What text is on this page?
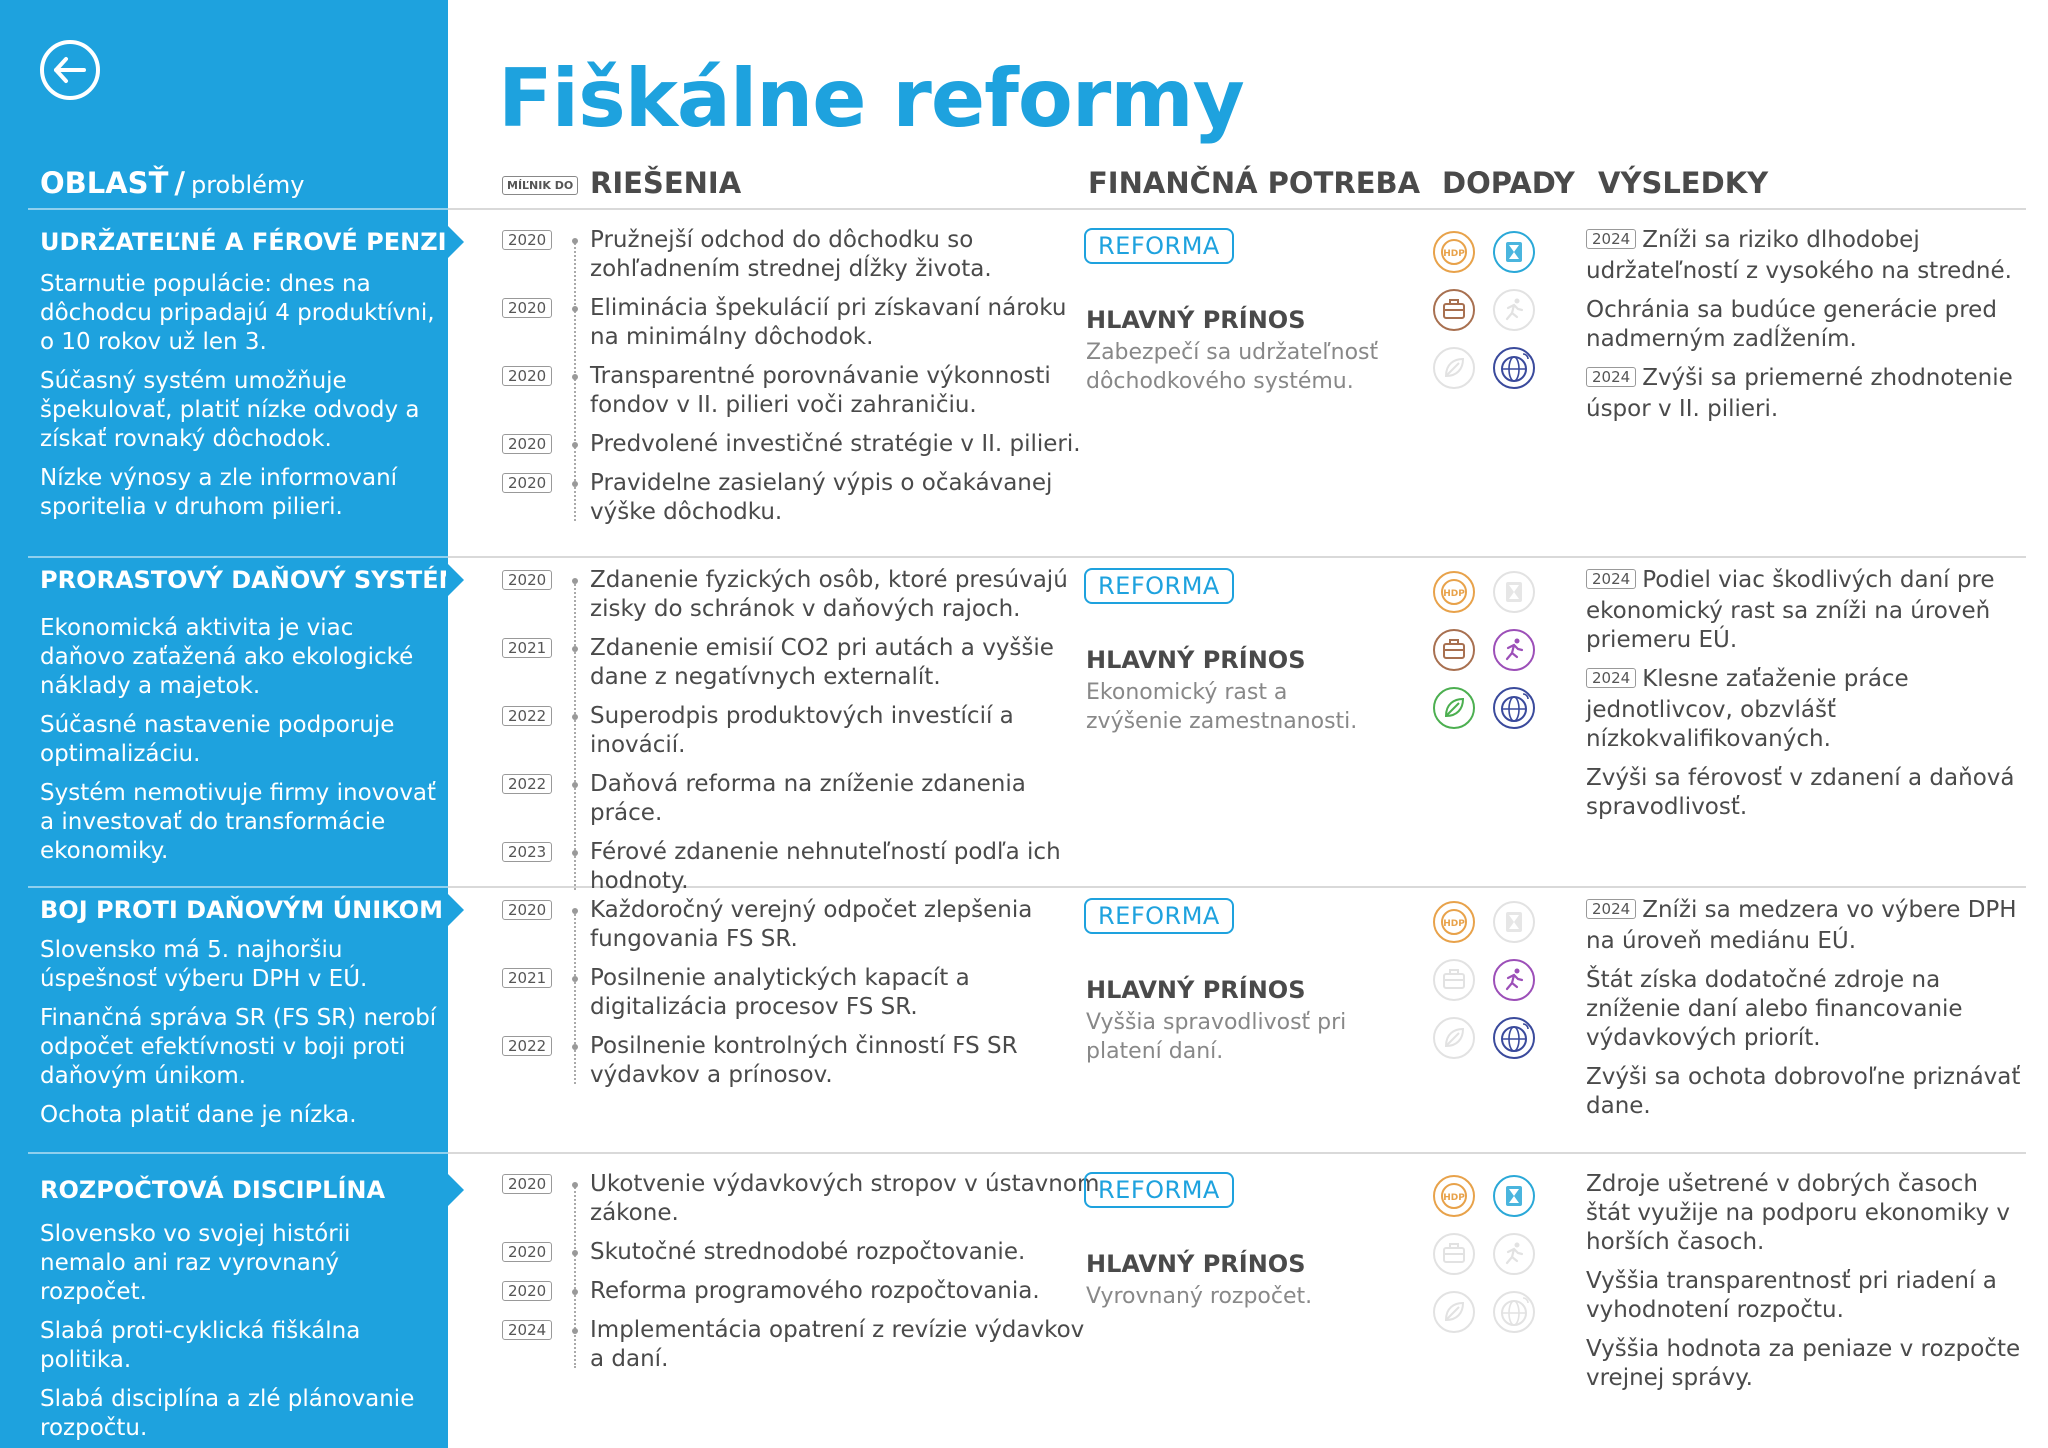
Fiškálne reformy
OBLASŤ / problémy	MÍĽNIK DO RIEŠENIA	FINANČNÁ POTREBA DOPADY VÝSLEDKY
UDRŽATEĽNÉ A FÉROVÉ PENZIE
Starnutie populácie: dnes na dôchodcu pripadajú 4 produktívni, o 10 rokov už len 3.
Súčasný systém umožňuje špekulovať, platiť nízke odvody a získať rovnaký dôchodok.
Nízke výnosy a zle informovaní sporitelia v druhom pilieri.
2020 Pružnejší odchod do dôchodku so zohľadnením strednej dĺžky života.
2020 Eliminácia špekulácií pri získavaní nároku na minimálny dôchodok.
2020 Transparentné porovnávanie výkonnosti fondov v II. pilieri voči zahraničiu.
2020 Predvolené investičné stratégie v II. pilieri.
2020 Pravidelne zasielaný výpis o očakávanej výške dôchodku.
REFORMA
HLAVNÝ PRÍNOS
Zabezpečí sa udržateľnosť dôchodkového systému.
HDP
2024 Zníži sa riziko dlhodobej udržateľností z vysokého na stredné.
Ochránia sa budúce generácie pred nadmerným zadĺžením.
2024 Zvýši sa priemerné zhodnotenie úspor v II. pilieri.
PRORASTOVÝ DAŇOVÝ SYSTÉM
Ekonomická aktivita je viac daňovo zaťažená ako ekologické náklady a majetok.
Súčasné nastavenie podporuje optimalizáciu.
Systém nemotivuje firmy inovovať a investovať do transformácie ekonomiky.
2020 Zdanenie fyzických osôb, ktoré presúvajú zisky do schránok v daňových rajoch.
2021 Zdanenie emisií CO2 pri autách a vyššie dane z negatívnych externalít.
2022 Superodpis produktových investícií a inovácií.
2022 Daňová reforma na zníženie zdanenia práce.
2023 Férové zdanenie nehnuteľností podľa ich hodnoty.
REFORMA
HLAVNÝ PRÍNOS
Ekonomický rast a zvýšenie zamestnanosti.
HDP
2024 Podiel viac škodlivých daní pre ekonomický rast sa zníži na úroveň priemeru EÚ.
2024 Klesne zaťaženie práce jednotlivcov, obzvlášť nízkokvalifikovaných.
Zvýši sa férovosť v zdanení a daňová spravodlivosť.
BOJ PROTI DAŇOVÝM ÚNIKOM
Slovensko má 5. najhoršiu úspešnosť výberu DPH v EÚ.
Finančná správa SR (FS SR) nerobí odpočet efektívnosti v boji proti daňovým únikom.
Ochota platiť dane je nízka.
2020 Každoročný verejný odpočet zlepšenia fungovania FS SR.
2021 Posilnenie analytických kapacít a digitalizácia procesov FS SR.
2022 Posilnenie kontrolných činností FS SR výdavkov a prínosov.
REFORMA
HLAVNÝ PRÍNOS
Vyššia spravodlivosť pri platení daní.
HDP
2024 Zníži sa medzera vo výbere DPH na úroveň mediánu EÚ.
Štát získa dodatočné zdroje na zníženie daní alebo financovanie výdavkových priorít.
Zvýši sa ochota dobrovoľne priznávať dane.
ROZPOČTOVÁ DISCIPLÍNA
Slovensko vo svojej histórii nemalo ani raz vyrovnaný rozpočet.
Slabá proti-cyklická fiškálna politika.
Slabá disciplína a zlé plánovanie rozpočtu.
2020 Ukotvenie výdavkových stropov v ústavnom zákone.
2020 Skutočné strednodobé rozpočtovanie.
2020 Reforma programového rozpočtovania.
2024 Implementácia opatrení z revízie výdavkov a daní.
REFORMA
HLAVNÝ PRÍNOS
Vyrovnaný rozpočet.
HDP
Zdroje ušetrené v dobrých časoch štát využije na podporu ekonomiky v horších časoch.
Vyššia transparentnosť pri riadení a vyhodnotení rozpočtu.
Vyššia hodnota za peniaze v rozpočte vrejnej správy.
